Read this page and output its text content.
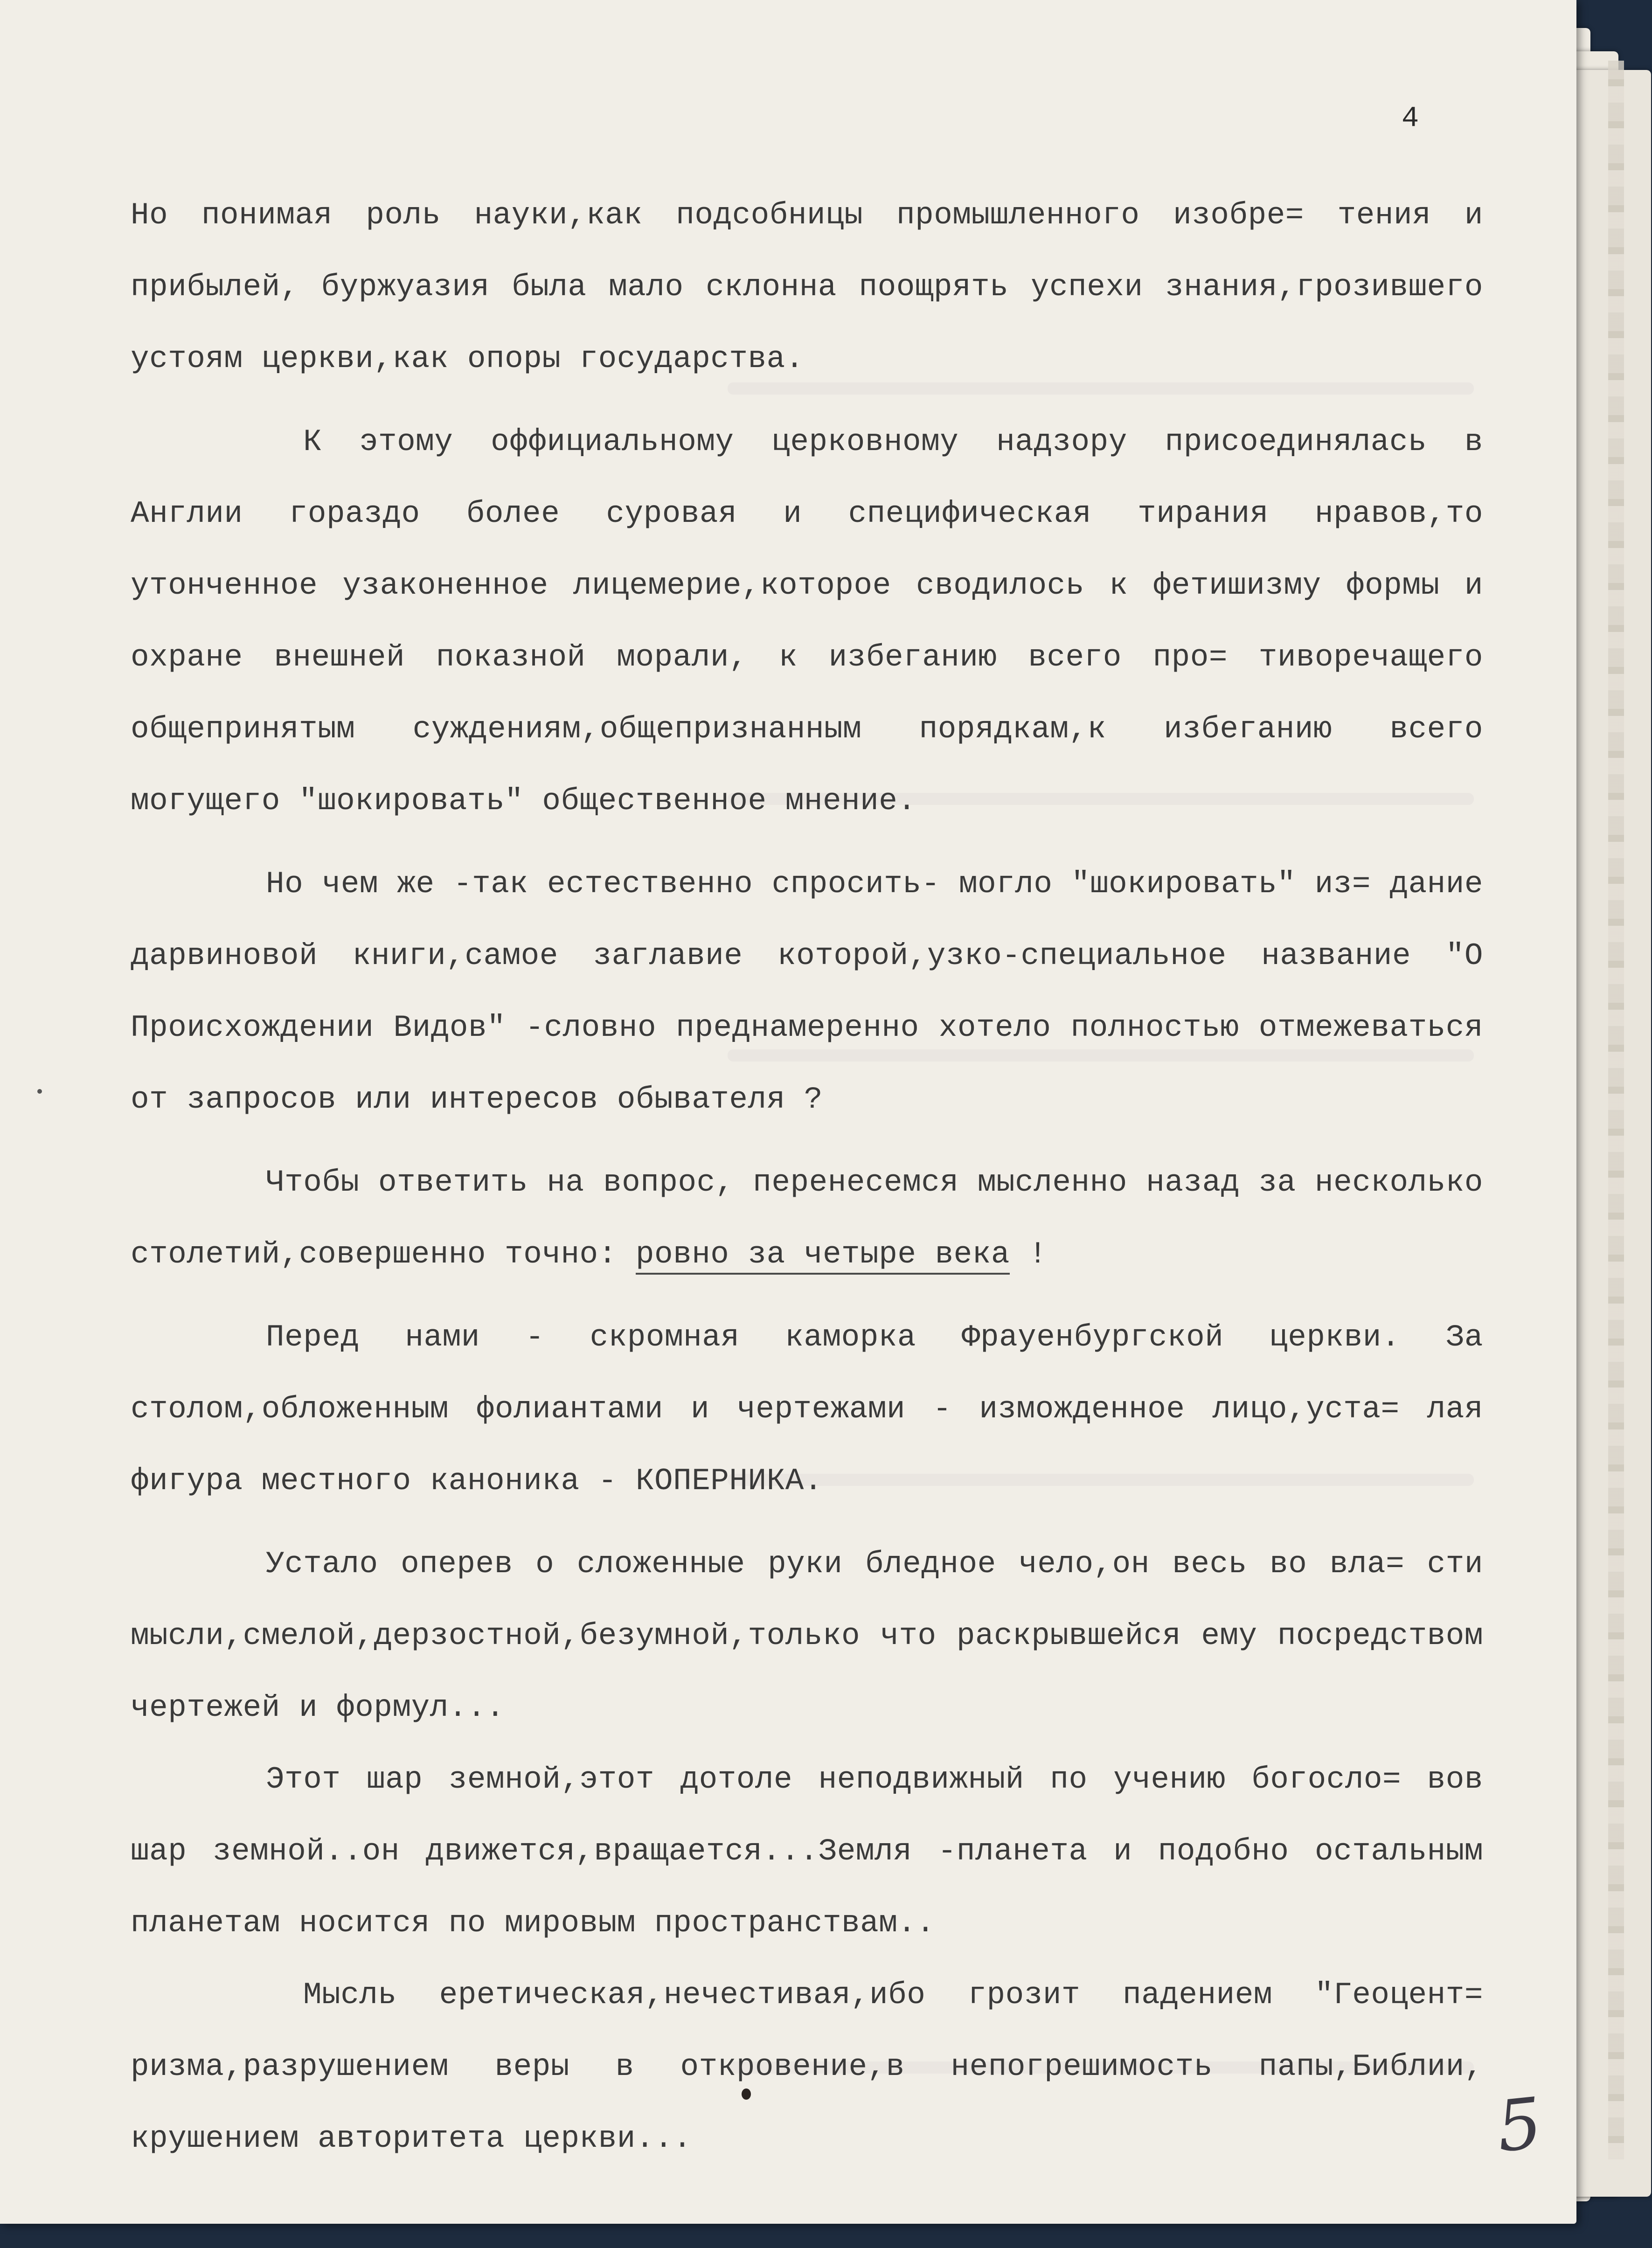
4

Но понимая роль науки,как подсобницы промышленного изобре= тения и прибылей, буржуазия была мало склонна поощрять успехи знания,грозившего устоям церкви,как опоры государства.

К этому оффициальному церковному надзору присоединялась в Англии гораздо более суровая и специфическая тирания нравов,то утонченное узаконенное лицемерие,которое сводилось к фетишизму формы и охране внешней показной морали, к избеганию всего про= тиворечащего общепринятым суждениям,общепризнанным порядкам,к избеганию всего могущего "шокировать" общественное мнение.

Но чем же -так естественно спросить- могло "шокировать" из= дание дарвиновой книги,самое заглавие которой,узко-специальное название "О Происхождении Видов" -словно преднамеренно хотело полностью отмежеваться от запросов или интересов обывателя ?

Чтобы ответить на вопрос, перенесемся мысленно назад за несколько столетий,совершенно точно: ровно за четыре века !

Перед нами - скромная каморка Фрауенбургской церкви. За столом,обложенным фолиантами и чертежами - изможденное лицо,уста= лая фигура местного каноника - КОПЕРНИКА.

Устало оперев о сложенные руки бледное чело,он весь во вла= сти мысли,смелой,дерзостной,безумной,только что раскрывшейся ему посредством чертежей и формул...

Этот шар земной,этот дотоле неподвижный по учению богосло= вов шар земной..он движется,вращается...Земля -планета и подобно остальным планетам носится по мировым пространствам..

Мысль еретическая,нечестивая,ибо грозит падением "Геоцент= ризма,разрушением веры в откровение,в непогрешимость папы,Библии, крушением авторитета церкви...	5
